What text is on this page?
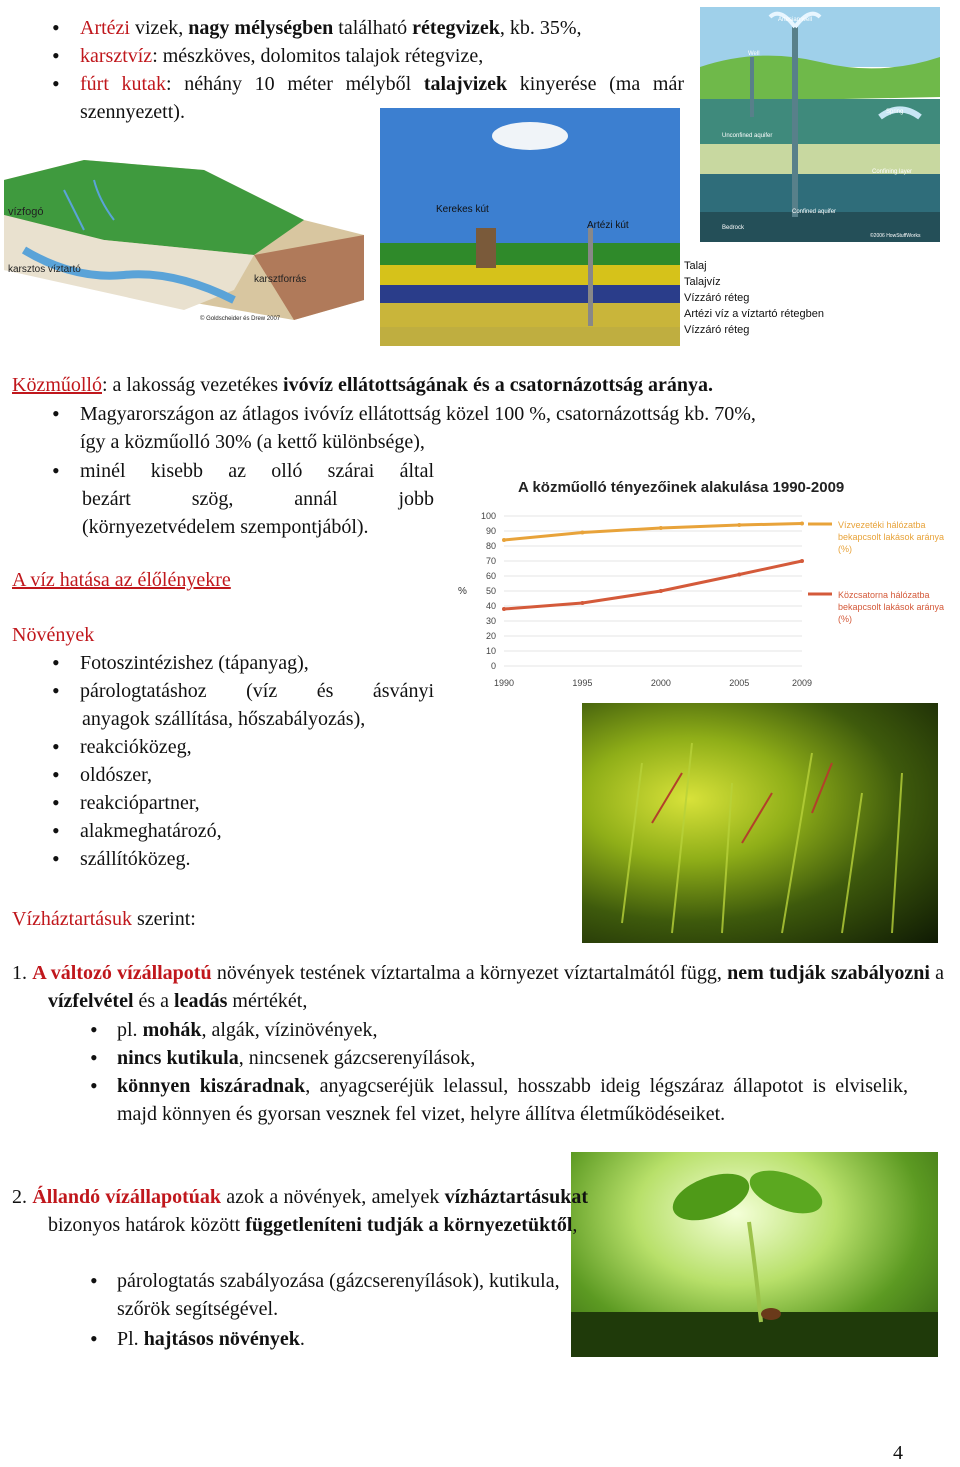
• Artézi vizek, nagy mélységben található rétegvizek, kb. 35%,
• karsztvíz: mészköves, dolomitos talajok rétegvize,
• fúrt kutak: néhány 10 méter mélyből talajvizek kinyerése (ma már szennyezett).
Artesian well
Well
Spring
Unconfined aquifer
Confining layer
Confined aquifer
Bedrock
©2006 HowStuffWorks
vízfogó
karsztos víztartó
karsztforrás
© Goldscheider és Drew 2007
Kerekes kút
Artézi kút
Talaj
Talajvíz
Vízzáró réteg
Artézi víz a víztartó rétegben
Vízzáró réteg
Közműolló: a lakosság vezetékes ivóvíz ellátottságának és a csatornázottság aránya.
• Magyarországon az átlagos ivóvíz ellátottság közel 100 %, csatornázottság kb. 70%,
így a közműolló 30% (a kettő különbsége),
• minél kisebb az olló szárai által
bezárt szög, annál jobb
(környezetvédelem szempontjából).
A közműolló tényezőinek alakulása 1990-2009
%
0
10
20
30
40
50
60
70
80
90
100
1990	1995	2000	2005	2009
Vízvezetéki hálózatba bekapcsolt lakások aránya (%)
Közcsatorna hálózatba bekapcsolt lakások aránya (%)
A víz hatása az élőlényekre
Növények
• Fotoszintézishez (tápanyag),
• párologtatáshoz (víz és ásványi
anyagok szállítása, hőszabályozás),
• reakcióközeg,
• oldószer,
• reakciópartner,
• alakmeghatározó,
• szállítóközeg.
Vízháztartásuk szerint:
1. A változó vízállapotú növények testének víztartalma a környezet víztartalmától függ, nem tudják szabályozni a vízfelvétel és a leadás mértékét,
• pl. mohák, algák, vízinövények,
• nincs kutikula, nincsenek gázcserenyílások,
• könnyen kiszáradnak, anyagcseréjük lelassul, hosszabb ideig légszáraz állapotot is elviselik, majd könnyen és gyorsan vesznek fel vizet, helyre állítva életműködéseiket.
2. Állandó vízállapotúak azok a növények, amelyek vízháztartásukat bizonyos határok között függetleníteni tudják a környezetüktől,
• párologtatás szabályozása (gázcserenyílások), kutikula, szőrök segítségével.
• Pl. hajtásos növények.
4
